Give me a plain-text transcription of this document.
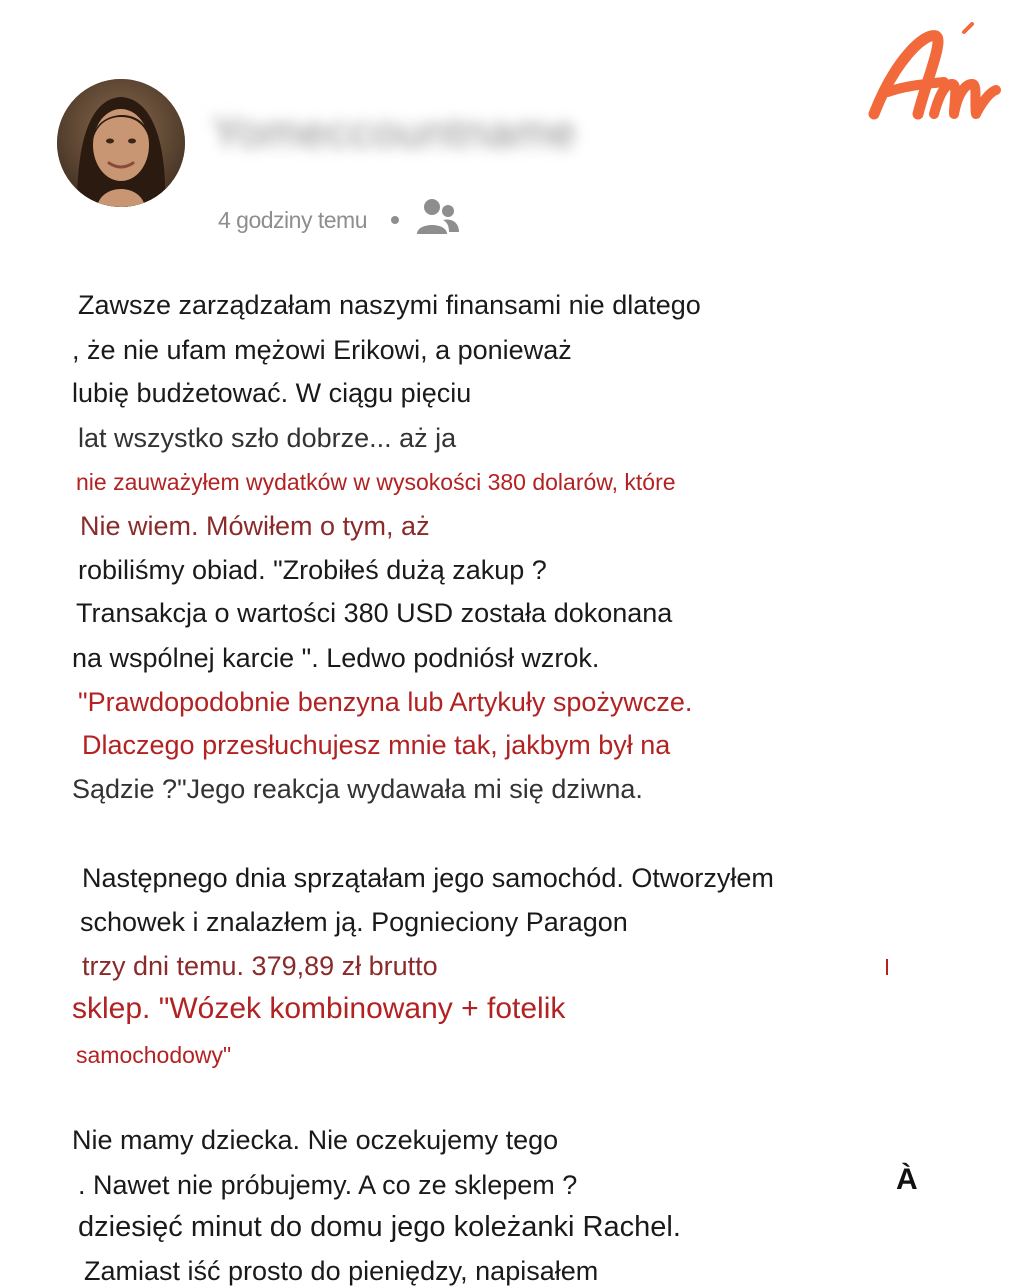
Yomeccountname
4 godziny temu
Zawsze zarządzałam naszymi finansami nie dlatego
, że nie ufam mężowi Erikowi, a ponieważ
lubię budżetować. W ciągu pięciu
lat wszystko szło dobrze... aż ja
nie zauważyłem wydatków w wysokości 380 dolarów, które
Nie wiem. Mówiłem o tym, aż
robiliśmy obiad. "Zrobiłeś dużą zakup ?
Transakcja o wartości 380 USD została dokonana
na wspólnej karcie ". Ledwo podniósł wzrok.
"Prawdopodobnie benzyna lub Artykuły spożywcze.
Dlaczego przesłuchujesz mnie tak, jakbym był na
Sądzie ?"Jego reakcja wydawała mi się dziwna.
Następnego dnia sprzątałam jego samochód. Otworzyłem
schowek i znalazłem ją. Pognieciony Paragon
trzy dni temu. 379,89 zł brutto
sklep. "Wózek kombinowany + fotelik
samochodowy"
Nie mamy dziecka. Nie oczekujemy tego
. Nawet nie próbujemy. A co ze sklepem ?	À
dziesięć minut do domu jego koleżanki Rachel.
Zamiast iść prosto do pieniędzy, napisałem
